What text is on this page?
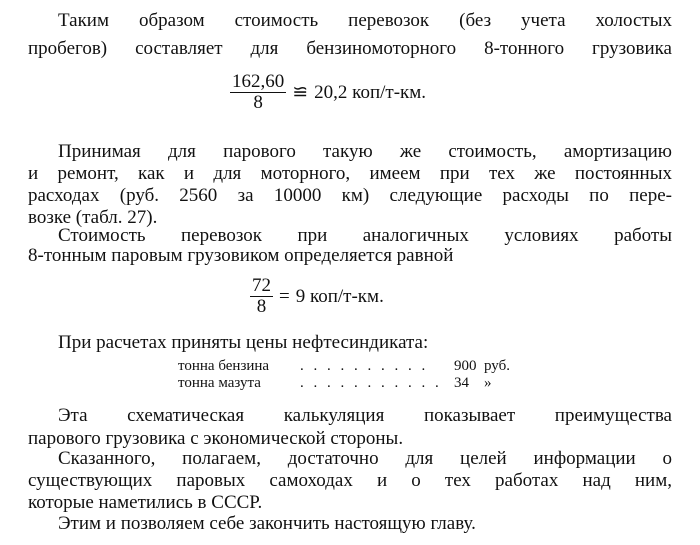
Таким образом стоимость перевозок (без учета холостых
пробегов) составляет для бензиномоторного 8-тонного грузовика
$\frac{162,60}{8}$ ≌ 20,2 коп/т-км.
Принимая для парового такую же стоимость, амортизацию
и ремонт, как и для моторного, имеем при тех же постоянных
расходах (руб. 2560 за 10000 км) следующие расходы по пере-
возке (табл. 27).
Стоимость перевозок при аналогичных условиях работы
8-тонным паровым грузовиком определяется равной
$\frac{72}{8} = 9$ коп/т-км.
При расчетах приняты цены нефтесиндиката:
тонна бензина . . . . . . . . . . 900 руб.
тонна мазута	. . . . . . . . . . . 34 »
Эта схематическая калькуляция показывает преимущества
парового грузовика с экономической стороны.
Сказанного, полагаем, достаточно для целей информации о
существующих паровых самоходах и о тех работах над ним,
которые наметились в СССР.
Этим и позволяем себе закончить настоящую главу.
